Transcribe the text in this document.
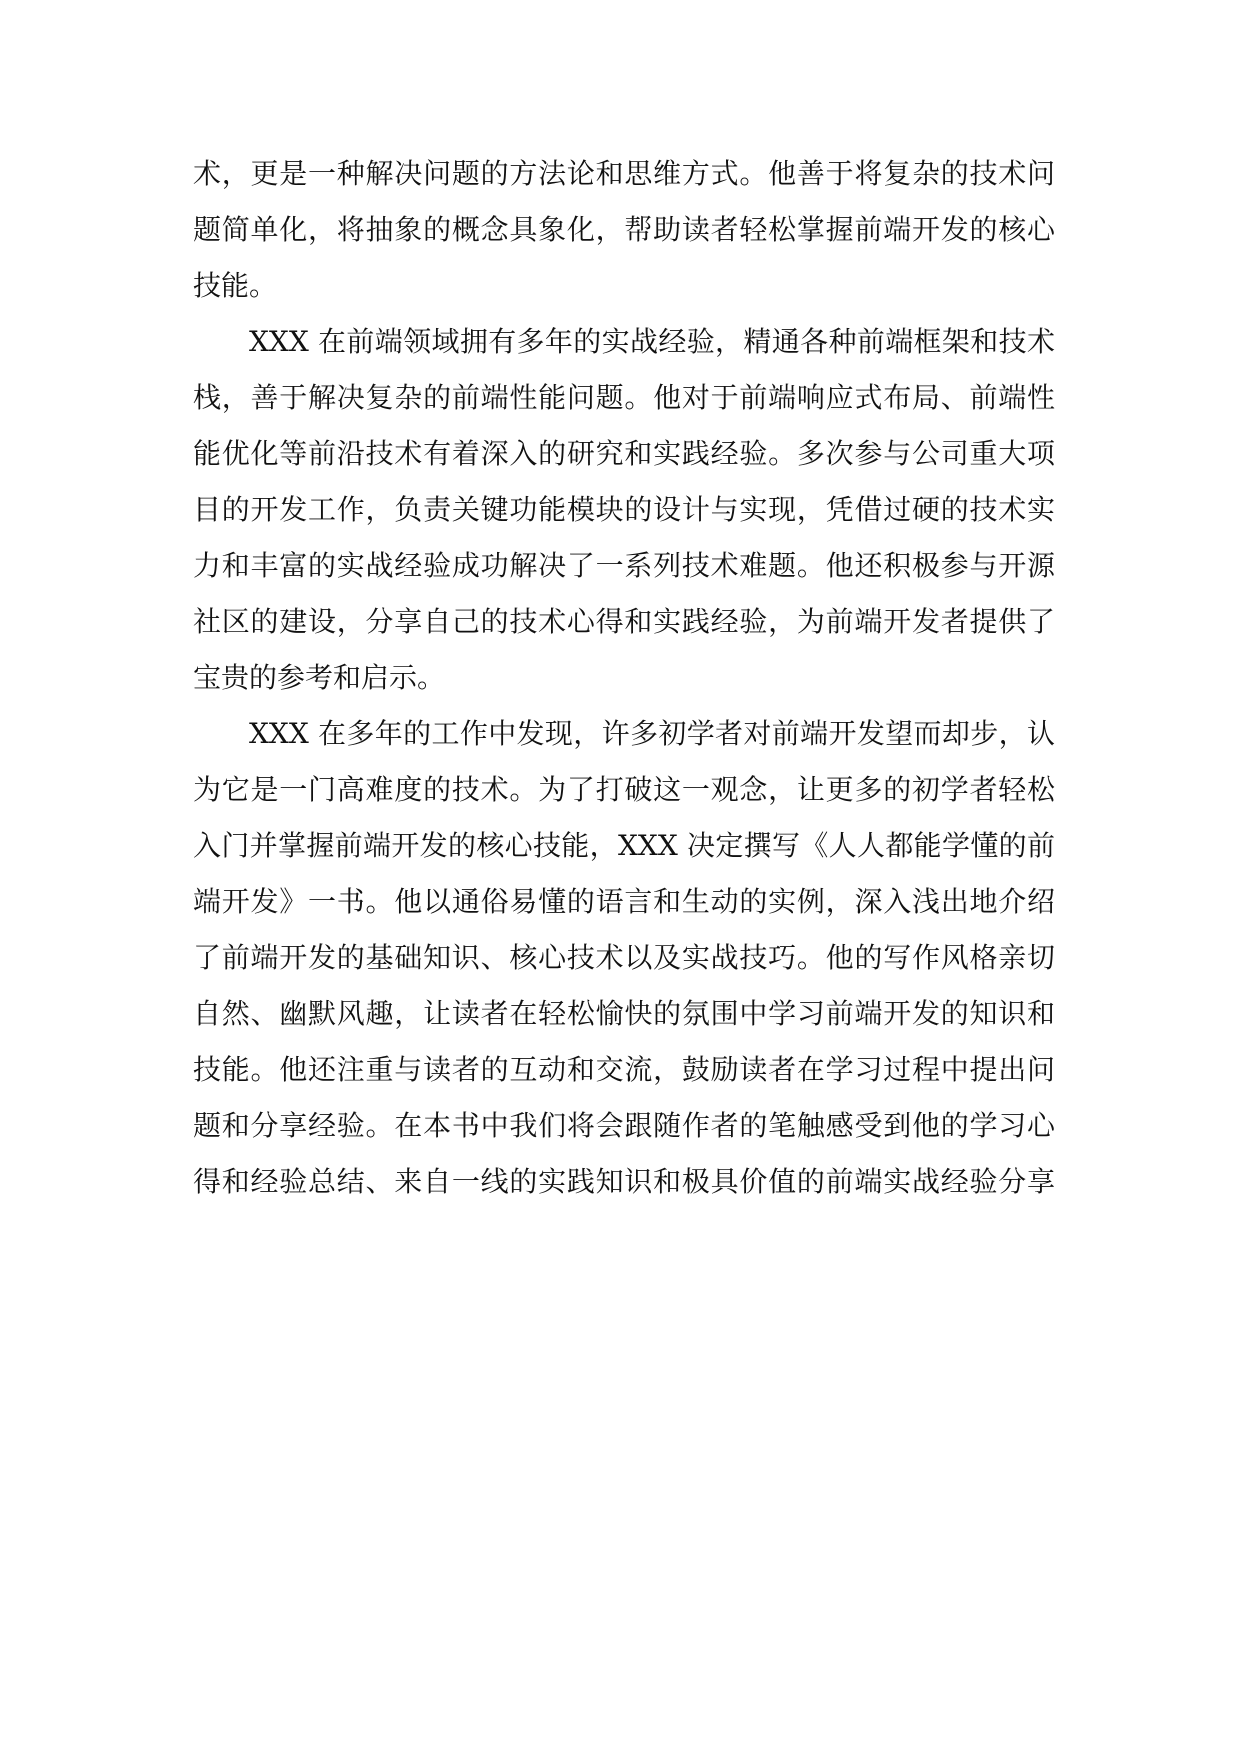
术，更是一种解决问题的方法论和思维方式。他善于将复杂的技术问
题简单化，将抽象的概念具象化，帮助读者轻松掌握前端开发的核心
技能。
XXX 在前端领域拥有多年的实战经验，精通各种前端框架和技术
栈，善于解决复杂的前端性能问题。他对于前端响应式布局、前端性
能优化等前沿技术有着深入的研究和实践经验。多次参与公司重大项
目的开发工作，负责关键功能模块的设计与实现，凭借过硬的技术实
力和丰富的实战经验成功解决了一系列技术难题。他还积极参与开源
社区的建设，分享自己的技术心得和实践经验，为前端开发者提供了
宝贵的参考和启示。
XXX 在多年的工作中发现，许多初学者对前端开发望而却步，认
为它是一门高难度的技术。为了打破这一观念，让更多的初学者轻松
入门并掌握前端开发的核心技能，XXX 决定撰写《人人都能学懂的前
端开发》一书。他以通俗易懂的语言和生动的实例，深入浅出地介绍
了前端开发的基础知识、核心技术以及实战技巧。他的写作风格亲切
自然、幽默风趣，让读者在轻松愉快的氛围中学习前端开发的知识和
技能。他还注重与读者的互动和交流，鼓励读者在学习过程中提出问
题和分享经验。在本书中我们将会跟随作者的笔触感受到他的学习心
得和经验总结、来自一线的实践知识和极具价值的前端实战经验分享
